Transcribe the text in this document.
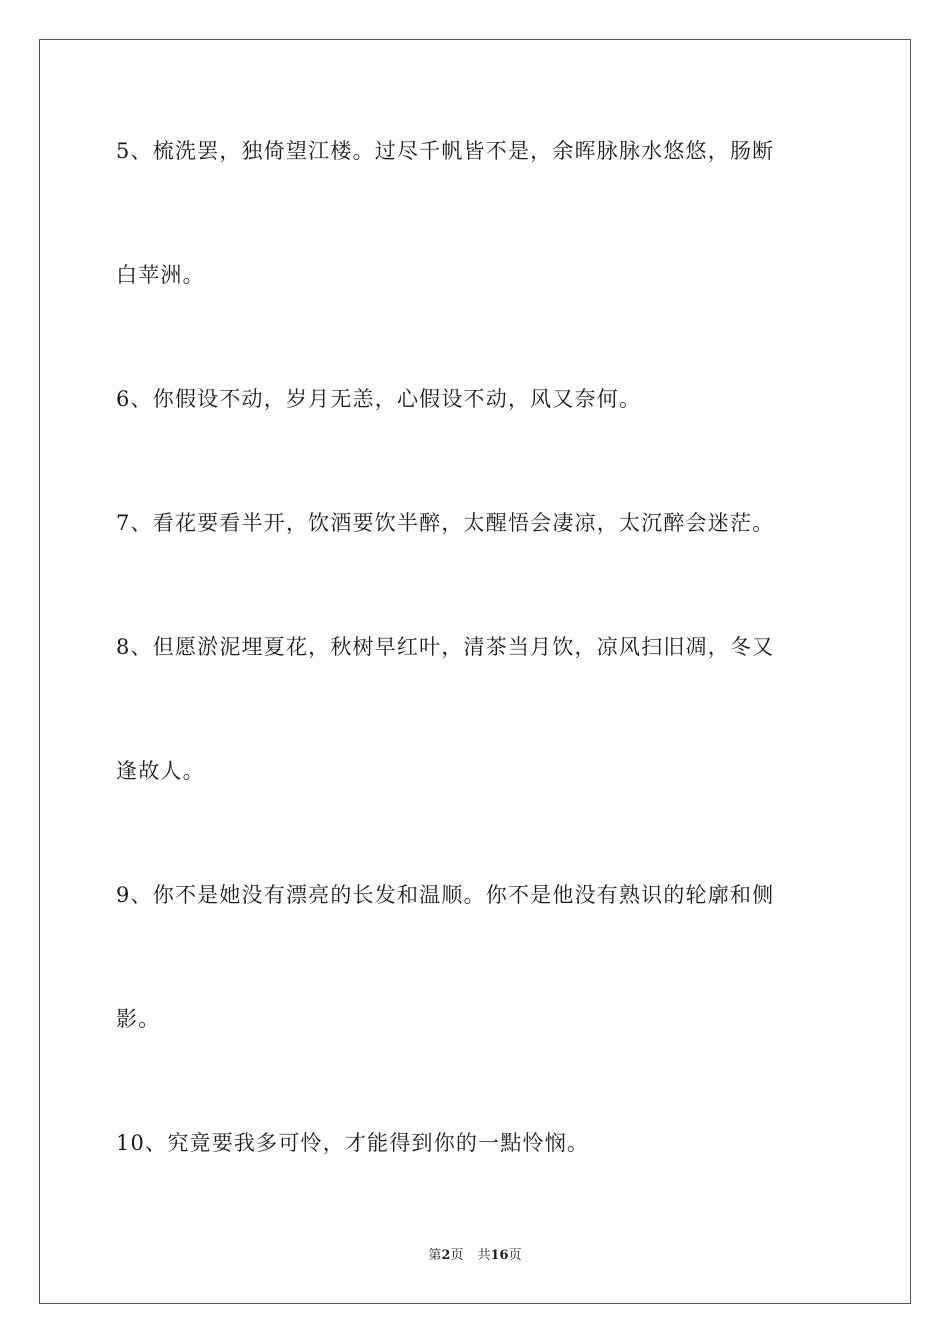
5、梳洗罢，独倚望江楼。过尽千帆皆不是，余晖脉脉水悠悠，肠断
白苹洲。
6、你假设不动，岁月无恙，心假设不动，风又奈何。
7、看花要看半开，饮酒要饮半醉，太醒悟会凄凉，太沉醉会迷茫。
8、但愿淤泥埋夏花，秋树早红叶，清茶当月饮，凉风扫旧凋，冬又
逢故人。
9、你不是她没有漂亮的长发和温顺。你不是他没有熟识的轮廓和侧
影。
10、究竟要我多可怜，才能得到你的一點怜悯。
第2页 共16页
